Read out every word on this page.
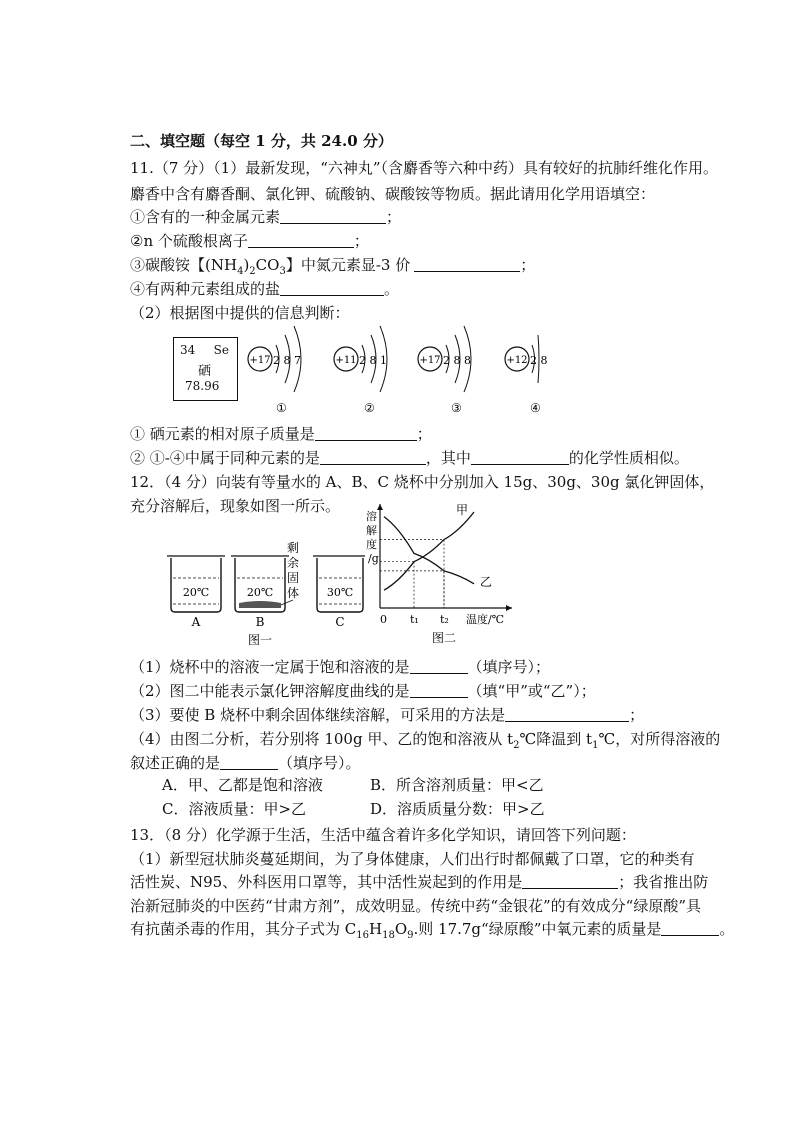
二、填空题（每空 1 分，共 24.0 分）
11.（7 分）（1）最新发现，“六神丸”（含麝香等六种中药）具有较好的抗肺纤维化作用。
麝香中含有麝香酮、氯化钾、硫酸钠、碳酸铵等物质。据此请用化学用语填空：
①含有的一种金属元素	；
②n 个硫酸根离子	；
③碳酸铵【$(NH_4)_2CO_3$】中氮元素显-3 价	；
④有两种元素组成的盐	。
（2）根据图中提供的信息判断：
34 Se
硒
78.96
+17 2 8 7
①
+11 2 8 1
②
+17 2 8 8
③
+12 2 8
④
① 硒元素的相对原子质量是	；
② ①-④中属于同种元素的是	，其中	的化学性质相似。
12．（4 分）向装有等量水的 A、B、C 烧杯中分别加入 15g、30g、30g 氯化钾固体，
充分溶解后，现象如图一所示。
20℃
A
20℃
B
剩 余 固 体	30℃
C
图一
溶 解 度 /g
甲
乙
0 t₁ t₂ 温度/℃
图二
（1）烧杯中的溶液一定属于饱和溶液的是	（填序号）；
（2）图二中能表示氯化钾溶解度曲线的是	（填“甲”或“乙”）；
（3）要使 B 烧杯中剩余固体继续溶解，可采用的方法是	；
（4）由图二分析，若分别将 100g 甲、乙的饱和溶液从 $t_2℃$降温到 $t_1℃$，对所得溶液的
叙述正确的是	（填序号）。
A．甲、乙都是饱和溶液	B．所含溶剂质量：甲<乙
C．溶液质量：甲>乙	D．溶质质量分数：甲>乙
13．（8 分）化学源于生活，生活中蕴含着许多化学知识，请回答下列问题：
（1）新型冠状肺炎蔓延期间，为了身体健康，人们出行时都佩戴了口罩，它的种类有
活性炭、N95、外科医用口罩等，其中活性炭起到的作用是	；我省推出防
治新冠肺炎的中医药“甘肃方剂”，成效明显。传统中药“金银花”的有效成分“绿原酸”具
有抗菌杀毒的作用，其分子式为 $C_{16}H_{18}O_9$.则 17.7g“绿原酸”中氧元素的质量是	。
